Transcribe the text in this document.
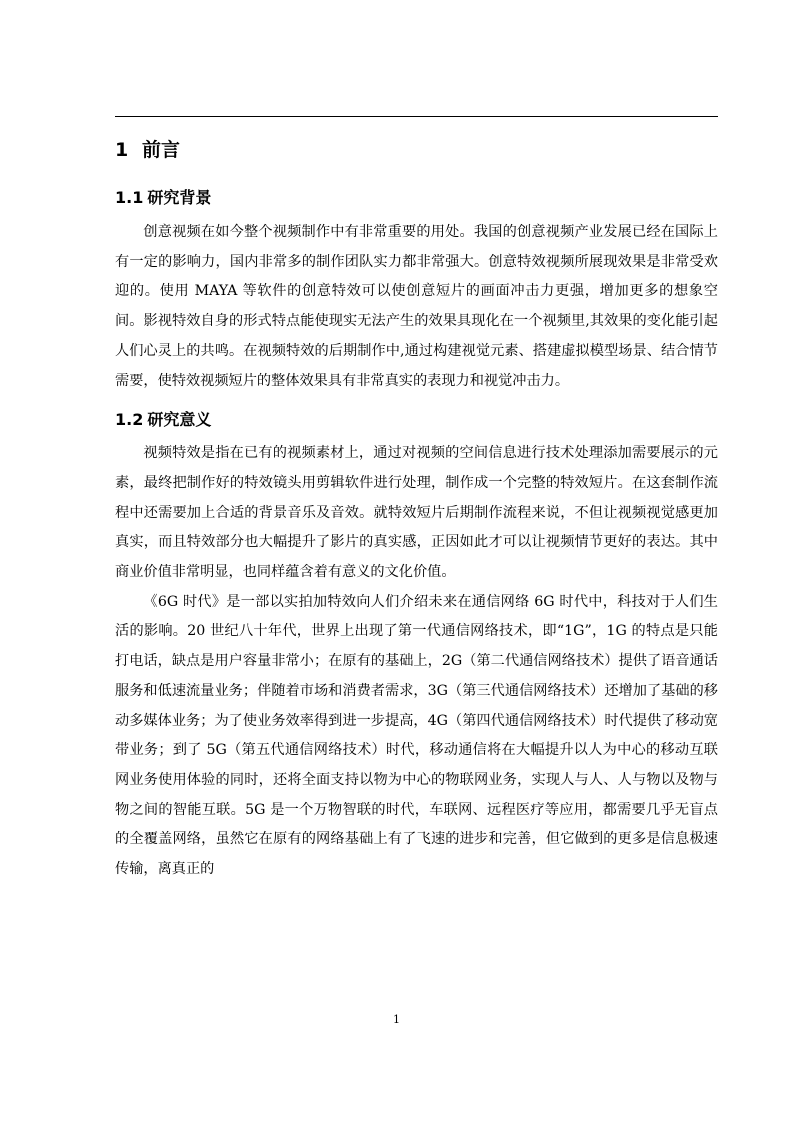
1 前言
1.1 研究背景

创意视频在如今整个视频制作中有非常重要的用处。我国的创意视频产业发展已经在国际上有一定的影响力，国内非常多的制作团队实力都非常强大。创意特效视频所展现效果是非常受欢迎的。使用 MAYA 等软件的创意特效可以使创意短片的画面冲击力更强，增加更多的想象空间。影视特效自身的形式特点能使现实无法产生的效果具现化在一个视频里,其效果的变化能引起人们心灵上的共鸣。在视频特效的后期制作中,通过构建视觉元素、搭建虚拟模型场景、结合情节需要，使特效视频短片的整体效果具有非常真实的表现力和视觉冲击力。

1.2 研究意义

视频特效是指在已有的视频素材上，通过对视频的空间信息进行技术处理添加需要展示的元素，最终把制作好的特效镜头用剪辑软件进行处理，制作成一个完整的特效短片。在这套制作流程中还需要加上合适的背景音乐及音效。就特效短片后期制作流程来说，不但让视频视觉感更加真实，而且特效部分也大幅提升了影片的真实感，正因如此才可以让视频情节更好的表达。其中商业价值非常明显，也同样蕴含着有意义的文化价值。

《6G 时代》是一部以实拍加特效向人们介绍未来在通信网络 6G 时代中，科技对于人们生活的影响。20 世纪八十年代，世界上出现了第一代通信网络技术，即“1G”，1G 的特点是只能打电话，缺点是用户容量非常小；在原有的基础上，2G（第二代通信网络技术）提供了语音通话服务和低速流量业务；伴随着市场和消费者需求，3G（第三代通信网络技术）还增加了基础的移动多媒体业务；为了使业务效率得到进一步提高，4G（第四代通信网络技术）时代提供了移动宽带业务；到了 5G（第五代通信网络技术）时代，移动通信将在大幅提升以人为中心的移动互联网业务使用体验的同时，还将全面支持以物为中心的物联网业务，实现人与人、人与物以及物与物之间的智能互联。5G 是一个万物智联的时代，车联网、远程医疗等应用，都需要几乎无盲点的全覆盖网络，虽然它在原有的网络基础上有了飞速的进步和完善，但它做到的更多是信息极速传输，离真正的

1
